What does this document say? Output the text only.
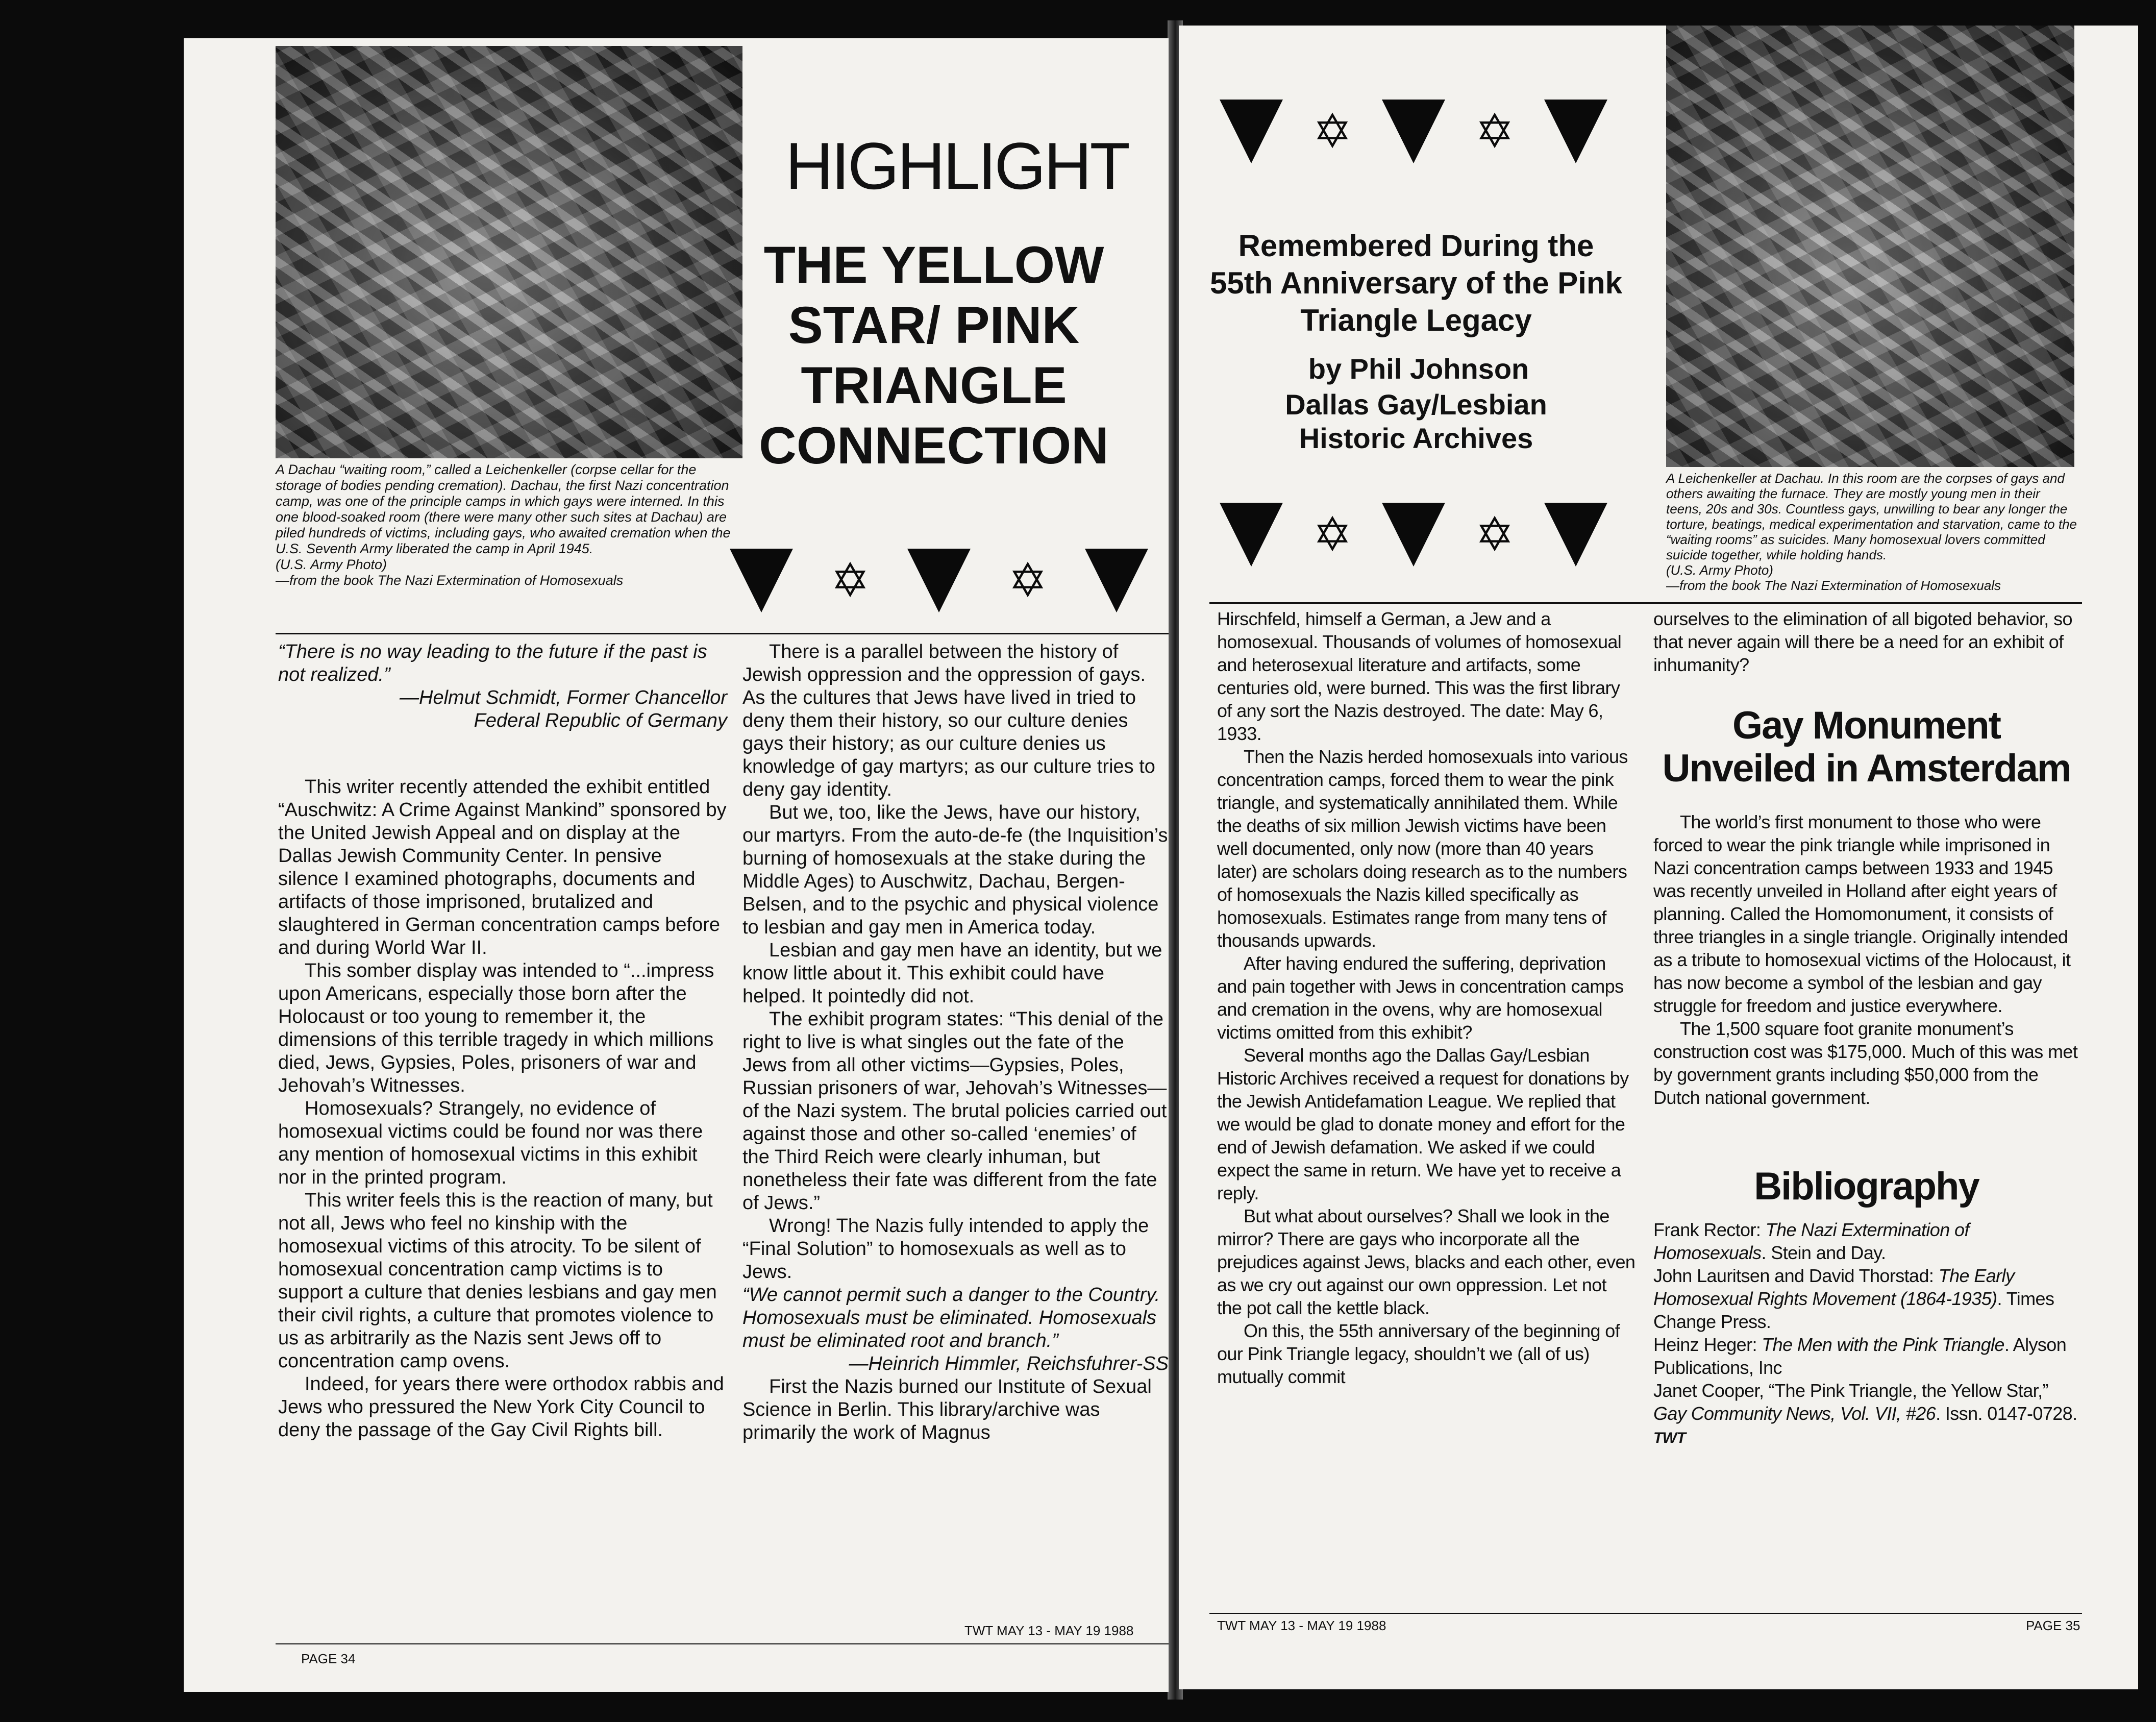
A Dachau “waiting room,” called a Leichenkeller (corpse cellar for the storage of bodies pending cremation). Dachau, the first Nazi concentration camp, was one of the principle camps in which gays were interned. In this one blood-soaked room (there were many other such sites at Dachau) are piled hundreds of victims, including gays, who awaited cremation when the U.S. Seventh Army liberated the camp in April 1945.
(U.S. Army Photo)
—from the book The Nazi Extermination of Homosexuals
HIGHLIGHT
THE YELLOW STAR/ PINK TRIANGLE CONNECTION
✡	✡

“There is no way leading to the future if the past is not realized.”

—Helmut Schmidt, Former Chancellor

Federal Republic of Germany

This writer recently attended the exhibit entitled “Auschwitz: A Crime Against Mankind” sponsored by the United Jewish Appeal and on display at the Dallas Jewish Community Center. In pensive silence I examined photographs, documents and artifacts of those imprisoned, brutalized and slaughtered in German concentration camps before and during World War II.

This somber display was intended to “...impress upon Americans, especially those born after the Holocaust or too young to remember it, the dimensions of this terrible tragedy in which millions died, Jews, Gypsies, Poles, prisoners of war and Jehovah’s Witnesses.

Homosexuals? Strangely, no evidence of homosexual victims could be found nor was there any mention of homosexual victims in this exhibit nor in the printed program.

This writer feels this is the reaction of many, but not all, Jews who feel no kinship with the homosexual victims of this atrocity. To be silent of homosexual concentration camp victims is to support a culture that denies lesbians and gay men their civil rights, a culture that promotes violence to us as arbitrarily as the Nazis sent Jews off to concentration camp ovens.

Indeed, for years there were orthodox rabbis and Jews who pressured the New York City Council to deny the passage of the Gay Civil Rights bill.

There is a parallel between the history of Jewish oppression and the oppression of gays. As the cultures that Jews have lived in tried to deny them their history, so our culture denies gays their history; as our culture denies us knowledge of gay martyrs; as our culture tries to deny gay identity.

But we, too, like the Jews, have our history, our martyrs. From the auto-de-fe (the Inquisition’s burning of homosexuals at the stake during the Middle Ages) to Auschwitz, Dachau, Bergen-Belsen, and to the psychic and physical violence to lesbian and gay men in America today.

Lesbian and gay men have an identity, but we know little about it. This exhibit could have helped. It pointedly did not.

The exhibit program states: “This denial of the right to live is what singles out the fate of the Jews from all other victims—Gypsies, Poles, Russian prisoners of war, Jehovah’s Witnesses—of the Nazi system. The brutal policies carried out against those and other so-called ‘enemies’ of the Third Reich were clearly inhuman, but nonetheless their fate was different from the fate of Jews.”

Wrong! The Nazis fully intended to apply the “Final Solution” to homosexuals as well as to Jews.

“We cannot permit such a danger to the Country. Homosexuals must be eliminated. Homosexuals must be eliminated root and branch.”

—Heinrich Himmler, Reichsfuhrer-SS

First the Nazis burned our Institute of Sexual Science in Berlin. This library/archive was primarily the work of Magnus

PAGE 34
TWT MAY 13 - MAY 19 1988
✡	✡
Remembered During the 55th Anniversary of the Pink Triangle Legacy
by Phil Johnson
Dallas Gay/Lesbian Historic Archives
✡	✡
A Leichenkeller at Dachau. In this room are the corpses of gays and others awaiting the furnace. They are mostly young men in their teens, 20s and 30s. Countless gays, unwilling to bear any longer the torture, beatings, medical experimentation and starvation, came to the “waiting rooms” as suicides. Many homosexual lovers committed suicide together, while holding hands.
(U.S. Army Photo)
—from the book The Nazi Extermination of Homosexuals

Hirschfeld, himself a German, a Jew and a homosexual. Thousands of volumes of homosexual and heterosexual literature and artifacts, some centuries old, were burned. This was the first library of any sort the Nazis destroyed. The date: May 6, 1933.

Then the Nazis herded homosexuals into various concentration camps, forced them to wear the pink triangle, and systematically annihilated them. While the deaths of six million Jewish victims have been well documented, only now (more than 40 years later) are scholars doing research as to the numbers of homosexuals the Nazis killed specifically as homosexuals. Estimates range from many tens of thousands upwards.

After having endured the suffering, deprivation and pain together with Jews in concentration camps and cremation in the ovens, why are homosexual victims omitted from this exhibit?

Several months ago the Dallas Gay/Lesbian Historic Archives received a request for donations by the Jewish Antidefamation League. We replied that we would be glad to donate money and effort for the end of Jewish defamation. We asked if we could expect the same in return. We have yet to receive a reply.

But what about ourselves? Shall we look in the mirror? There are gays who incorporate all the prejudices against Jews, blacks and each other, even as we cry out against our own oppression. Let not the pot call the kettle black.

On this, the 55th anniversary of the beginning of our Pink Triangle legacy, shouldn’t we (all of us) mutually commit

ourselves to the elimination of all bigoted behavior, so that never again will there be a need for an exhibit of inhumanity?

Gay Monument Unveiled in Amsterdam

The world’s first monument to those who were forced to wear the pink triangle while imprisoned in Nazi concentration camps between 1933 and 1945 was recently unveiled in Holland after eight years of planning. Called the Homomonument, it consists of three triangles in a single triangle. Originally intended as a tribute to homosexual victims of the Holocaust, it has now become a symbol of the lesbian and gay struggle for freedom and justice everywhere.

The 1,500 square foot granite monument’s construction cost was $175,000. Much of this was met by government grants including $50,000 from the Dutch national government.

Bibliography

Frank Rector: The Nazi Extermination of Homosexuals. Stein and Day.

John Lauritsen and David Thorstad: The Early Homosexual Rights Movement (1864-1935). Times Change Press.

Heinz Heger: The Men with the Pink Triangle. Alyson Publications, Inc

Janet Cooper, “The Pink Triangle, the Yellow Star,” Gay Community News, Vol. VII, #26. Issn. 0147-0728. TWT

TWT MAY 13 - MAY 19 1988	PAGE 35
